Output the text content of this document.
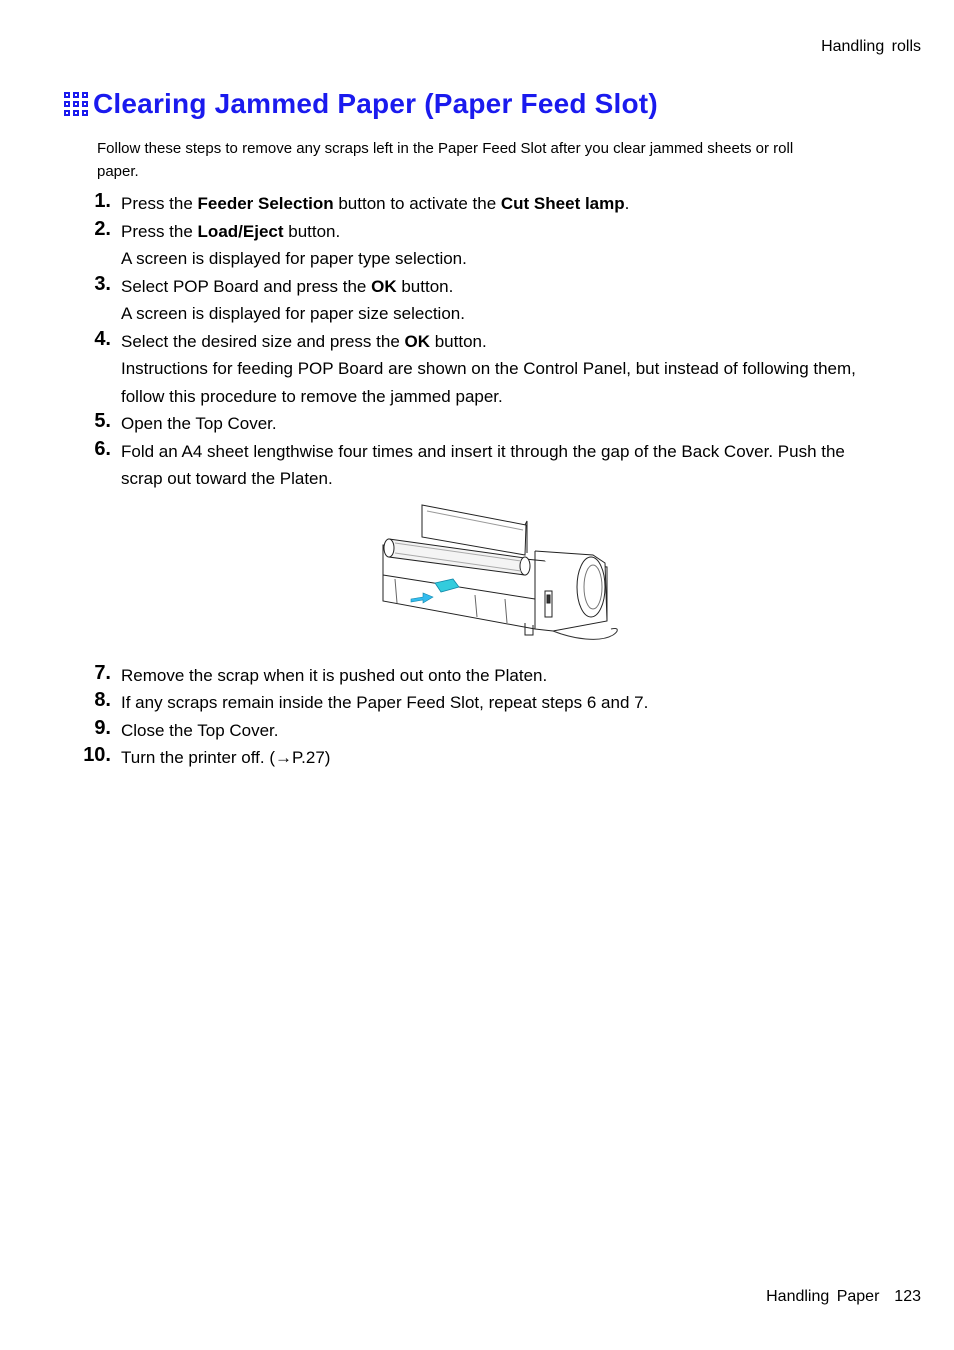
Handling rolls
Clearing Jammed Paper (Paper Feed Slot)
Follow these steps to remove any scraps left in the Paper Feed Slot after you clear jammed sheets or roll paper.
1. Press the Feeder Selection button to activate the Cut Sheet lamp.
2. Press the Load/Eject button.
A screen is displayed for paper type selection.
3. Select POP Board and press the OK button.
A screen is displayed for paper size selection.
4. Select the desired size and press the OK button.
Instructions for feeding POP Board are shown on the Control Panel, but instead of following them, follow this procedure to remove the jammed paper.
5. Open the Top Cover.
6. Fold an A4 sheet lengthwise four times and insert it through the gap of the Back Cover. Push the scrap out toward the Platen.
7. Remove the scrap when it is pushed out onto the Platen.
8. If any scraps remain inside the Paper Feed Slot, repeat steps 6 and 7.
9. Close the Top Cover.
10. Turn the printer off. (→P.27)
Handling Paper 123
